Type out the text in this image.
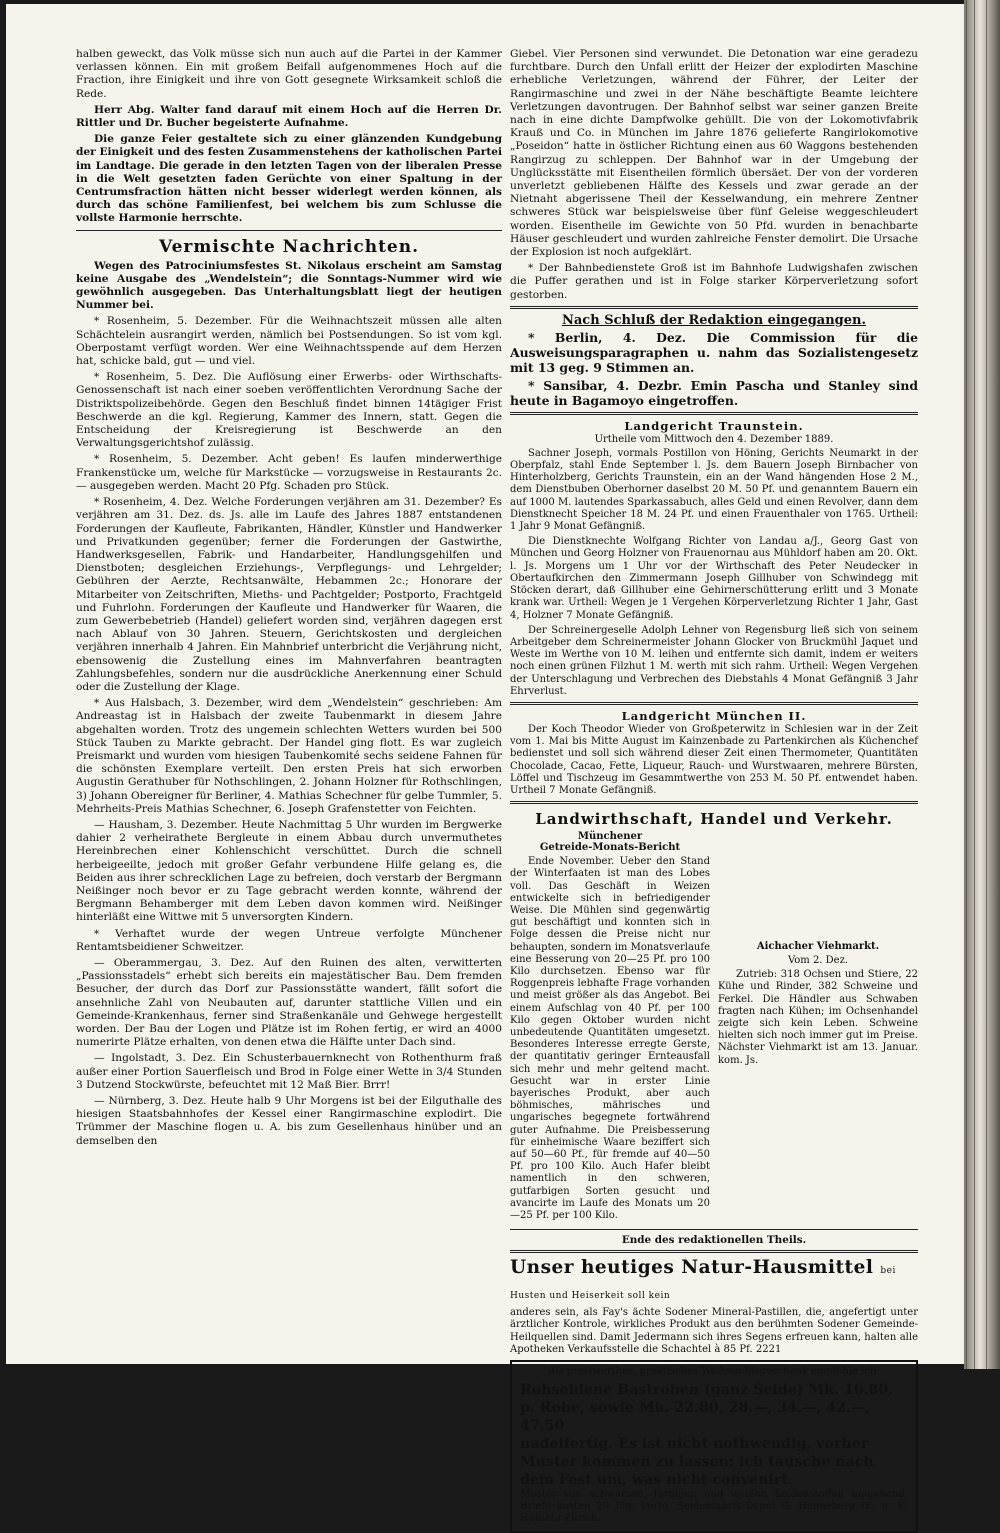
halben geweckt, das Volk müsse sich nun auch auf die Partei in der Kammer verlassen können. Ein mit großem Beifall aufgenommenes Hoch auf die Fraction, ihre Einigkeit und ihre von Gott gesegnete Wirksamkeit schloß die Rede.

Herr Abg. Walter fand darauf mit einem Hoch auf die Herren Dr. Rittler und Dr. Bucher begeisterte Aufnahme.

Die ganze Feier gestaltete sich zu einer glänzenden Kundgebung der Einigkeit und des festen Zusammenstehens der katholischen Partei im Landtage. Die gerade in den letzten Tagen von der liberalen Presse in die Welt gesetzten faden Gerüchte von einer Spaltung in der Centrumsfraction hätten nicht besser widerlegt werden können, als durch das schöne Familienfest, bei welchem bis zum Schlusse die vollste Harmonie herrschte.

Vermischte Nachrichten.

Wegen des Patrociniumsfestes St. Nikolaus erscheint am Samstag keine Ausgabe des „Wendelstein“; die Sonntags-Nummer wird wie gewöhnlich ausgegeben. Das Unterhaltungsblatt liegt der heutigen Nummer bei.

* Rosenheim, 5. Dezember. Für die Weihnachtszeit müssen alle alten Schächtelein ausrangirt werden, nämlich bei Postsendungen. So ist vom kgl. Oberpostamt verfügt worden. Wer eine Weihnachtsspende auf dem Herzen hat, schicke bald, gut — und viel.

* Rosenheim, 5. Dez. Die Auflösung einer Erwerbs- oder Wirthschafts-Genossenschaft ist nach einer soeben veröffentlichten Verordnung Sache der Distriktspolizeibehörde. Gegen den Beschluß findet binnen 14tägiger Frist Beschwerde an die kgl. Regierung, Kammer des Innern, statt. Gegen die Entscheidung der Kreisregierung ist Beschwerde an den Verwaltungsgerichtshof zulässig.

* Rosenheim, 5. Dezember. Acht geben! Es laufen minderwerthige Frankenstücke um, welche für Markstücke — vorzugsweise in Restaurants 2c. — ausgegeben werden. Macht 20 Pfg. Schaden pro Stück.

* Rosenheim, 4. Dez. Welche Forderungen verjähren am 31. Dezember? Es verjähren am 31. Dez. ds. Js. alle im Laufe des Jahres 1887 entstandenen Forderungen der Kaufleute, Fabrikanten, Händler, Künstler und Handwerker und Privatkunden gegenüber; ferner die Forderungen der Gastwirthe, Handwerksgesellen, Fabrik- und Handarbeiter, Handlungsgehilfen und Dienstboten; desgleichen Erziehungs-, Verpflegungs- und Lehrgelder; Gebühren der Aerzte, Rechtsanwälte, Hebammen 2c.; Honorare der Mitarbeiter von Zeitschriften, Mieths- und Pachtgelder; Postporto, Frachtgeld und Fuhrlohn. Forderungen der Kaufleute und Handwerker für Waaren, die zum Gewerbebetrieb (Handel) geliefert worden sind, verjähren dagegen erst nach Ablauf von 30 Jahren. Steuern, Gerichtskosten und dergleichen verjähren innerhalb 4 Jahren. Ein Mahnbrief unterbricht die Verjährung nicht, ebensowenig die Zustellung eines im Mahnverfahren beantragten Zahlungsbefehles, sondern nur die ausdrückliche Anerkennung einer Schuld oder die Zustellung der Klage.

* Aus Halsbach, 3. Dezember, wird dem „Wendelstein“ geschrieben: Am Andreastag ist in Halsbach der zweite Taubenmarkt in diesem Jahre abgehalten worden. Trotz des ungemein schlechten Wetters wurden bei 500 Stück Tauben zu Markte gebracht. Der Handel ging flott. Es war zugleich Preismarkt und wurden vom hiesigen Taubenkomité sechs seidene Fahnen für die schönsten Exemplare verteilt. Den ersten Preis hat sich erworben Augustin Gerathuber für Nothschlingen, 2. Johann Holzner für Rothschlingen, 3) Johann Obereigner für Berliner, 4. Mathias Schechner für gelbe Tummler, 5. Mehrheits-Preis Mathias Schechner, 6. Joseph Grafenstetter von Feichten.

— Hausham, 3. Dezember. Heute Nachmittag 5 Uhr wurden im Bergwerke dahier 2 verheirathete Bergleute in einem Abbau durch unvermuthetes Hereinbrechen einer Kohlenschicht verschüttet. Durch die schnell herbeigeeilte, jedoch mit großer Gefahr verbundene Hilfe gelang es, die Beiden aus ihrer schrecklichen Lage zu befreien, doch verstarb der Bergmann Neißinger noch bevor er zu Tage gebracht werden konnte, während der Bergmann Behamberger mit dem Leben davon kommen wird. Neißinger hinterläßt eine Wittwe mit 5 unversorgten Kindern.

* Verhaftet wurde der wegen Untreue verfolgte Münchener Rentamtsbeidiener Schweitzer.

— Oberammergau, 3. Dez. Auf den Ruinen des alten, verwitterten „Passionsstadels“ erhebt sich bereits ein majestätischer Bau. Dem fremden Besucher, der durch das Dorf zur Passionsstätte wandert, fällt sofort die ansehnliche Zahl von Neubauten auf, darunter stattliche Villen und ein Gemeinde-Krankenhaus, ferner sind Straßenkanäle und Gehwege hergestellt worden. Der Bau der Logen und Plätze ist im Rohen fertig, er wird an 4000 numerirte Plätze erhalten, von denen etwa die Hälfte unter Dach sind.

— Ingolstadt, 3. Dez. Ein Schusterbauernknecht von Rothenthurm fraß außer einer Portion Sauerfleisch und Brod in Folge einer Wette in 3/4 Stunden 3 Dutzend Stockwürste, befeuchtet mit 12 Maß Bier. Brrr!

— Nürnberg, 3. Dez. Heute halb 9 Uhr Morgens ist bei der Eilguthalle des hiesigen Staatsbahnhofes der Kessel einer Rangirmaschine explodirt. Die Trümmer der Maschine flogen u. A. bis zum Gesellenhaus hinüber und an demselben den

Giebel. Vier Personen sind verwundet. Die Detonation war eine geradezu furchtbare. Durch den Unfall erlitt der Heizer der explodirten Maschine erhebliche Verletzungen, während der Führer, der Leiter der Rangirmaschine und zwei in der Nähe beschäftigte Beamte leichtere Verletzungen davontrugen. Der Bahnhof selbst war seiner ganzen Breite nach in eine dichte Dampfwolke gehüllt. Die von der Lokomotivfabrik Krauß und Co. in München im Jahre 1876 gelieferte Rangirlokomotive „Poseidon“ hatte in östlicher Richtung einen aus 60 Waggons bestehenden Rangirzug zu schleppen. Der Bahnhof war in der Umgebung der Unglücksstätte mit Eisentheilen förmlich übersäet. Der von der vorderen unverletzt gebliebenen Hälfte des Kessels und zwar gerade an der Nietnaht abgerissene Theil der Kesselwandung, ein mehrere Zentner schweres Stück war beispielsweise über fünf Geleise weggeschleudert worden. Eisentheile im Gewichte von 50 Pfd. wurden in benachbarte Häuser geschleudert und wurden zahlreiche Fenster demolirt. Die Ursache der Explosion ist noch aufgeklärt.

* Der Bahnbedienstete Groß ist im Bahnhofe Ludwigshafen zwischen die Puffer gerathen und ist in Folge starker Körperverletzung sofort gestorben.

Nach Schluß der Redaktion eingegangen.

* Berlin, 4. Dez. Die Commission für die Ausweisungsparagraphen u. nahm das Sozialistengesetz mit 13 geg. 9 Stimmen an.

* Sansibar, 4. Dezbr. Emin Pascha und Stanley sind heute in Bagamoyo eingetroffen.

Landgericht Traunstein.
Urtheile vom Mittwoch den 4. Dezember 1889.

Sachner Joseph, vormals Postillon von Höning, Gerichts Neumarkt in der Oberpfalz, stahl Ende September l. Js. dem Bauern Joseph Birnbacher von Hinterholzberg, Gerichts Traunstein, ein an der Wand hängenden Hose 2 M., dem Dienstbuben Oberhorner daselbst 20 M. 50 Pf. und genanntem Bauern ein auf 1000 M. lautendes Sparkassabuch, alles Geld und einen Revolver, dann dem Dienstknecht Speicher 18 M. 24 Pf. und einen Frauenthaler von 1765. Urtheil: 1 Jahr 9 Monat Gefängniß.

Die Dienstknechte Wolfgang Richter von Landau a/J., Georg Gast von München und Georg Holzner von Frauenornau aus Mühldorf haben am 20. Okt. l. Js. Morgens um 1 Uhr vor der Wirthschaft des Peter Neudecker in Obertaufkirchen den Zimmermann Joseph Gillhuber von Schwindegg mit Stöcken derart, daß Gillhuber eine Gehirnerschütterung erlitt und 3 Monate krank war. Urtheil: Wegen je 1 Vergehen Körperverletzung Richter 1 Jahr, Gast 4, Holzner 7 Monate Gefängniß.

Der Schreinergeselle Adolph Lehner von Regensburg ließ sich von seinem Arbeitgeber dem Schreinermeister Johann Glocker von Bruckmühl Jaquet und Weste im Werthe von 10 M. leihen und entfernte sich damit, indem er weiters noch einen grünen Filzhut 1 M. werth mit sich rahm. Urtheil: Wegen Vergehen der Unterschlagung und Verbrechen des Diebstahls 4 Monat Gefängniß 3 Jahr Ehrverlust.

Landgericht München II.

Der Koch Theodor Wieder von Großpeterwitz in Schlesien war in der Zeit vom 1. Mai bis Mitte August im Kainzenbade zu Partenkirchen als Küchenchef bedienstet und soll sich während dieser Zeit einen Thermometer, Quantitäten Chocolade, Cacao, Fette, Liqueur, Rauch- und Wurstwaaren, mehrere Bürsten, Löffel und Tischzeug im Gesammtwerthe von 253 M. 50 Pf. entwendet haben. Urtheil 7 Monate Gefängniß.

Landwirthschaft, Handel und Verkehr.
Münchener
Getreide-Monats-Bericht

Ende November. Ueber den Stand der Winterfaaten ist man des Lobes voll. Das Geschäft in Weizen entwickelte sich in befriedigender Weise. Die Mühlen sind gegenwärtig gut beschäftigt und konnten sich in Folge dessen die Preise nicht nur behaupten, sondern im Monatsverlaufe eine Besserung von 20—25 Pf. pro 100 Kilo durchsetzen. Ebenso war für Roggenpreis lebhafte Frage vorhanden und meist größer als das Angebot. Bei einem Aufschlag von 40 Pf. per 100 Kilo gegen Oktober wurden nicht unbedeutende Quantitäten umgesetzt. Besonderes Interesse erregte Gerste, der quantitativ geringer Ernteausfall sich mehr und mehr geltend macht. Gesucht war in erster Linie bayerisches Produkt, aber auch böhmisches, mährisches und ungarisches begegnete fortwährend guter Aufnahme. Die Preisbesserung für einheimische Waare beziffert sich auf 50—60 Pf., für fremde auf 40—50 Pf. pro 100 Kilo. Auch Hafer bleibt namentlich in den schweren, gutfarbigen Sorten gesucht und avancirte im Laufe des Monats um 20—25 Pf. per 100 Kilo.

Aichacher Viehmarkt.
Vom 2. Dez.

Zutrieb: 318 Ochsen und Stiere, 22 Kühe und Rinder, 382 Schweine und Ferkel. Die Händler aus Schwaben fragten nach Kühen; im Ochsenhandel zeigte sich kein Leben. Schweine hielten sich noch immer gut im Preise. Nächster Viehmarkt ist am 13. Januar. kom. Js.

Ende des redaktionellen Theils.
Unser heutiges Natur-Hausmittel bei Husten und Heiserkeit soll kein

anderes sein, als Fay's ächte Sodener Mineral-Pastillen, die, angefertigt unter ärztlicher Kontrole, wirkliches Produkt aus den berühmten Sodener Gemeinde-Heilquellen sind. Damit Jedermann sich ihres Segens erfreuen kann, halten alle Apotheken Verkaufsstelle die Schachtel à 85 Pf. 2221

Als preiswerthes, praktisches Weihnachtsgeschenk empfehle ich:

Rohseidene Bastroben (ganz Seide) Mk. 16.80.

p. Robe, sowie Mk. 22.80, 28.—, 34.—, 42.—, 47.50

nadelfertig. Es ist nicht nothwendig, vorher Muster kommen zu lassen; ich tausche nach dem Fest um, was nicht convenirt.

Muster von schwarzen, farbigen und weißen Seidenstoffen umgehend. Briefe kosten 20 Pfg. Porto. Seidenfabrik-Depot G. Henneberg (K. u. K. Hoflief.) Zürich.
